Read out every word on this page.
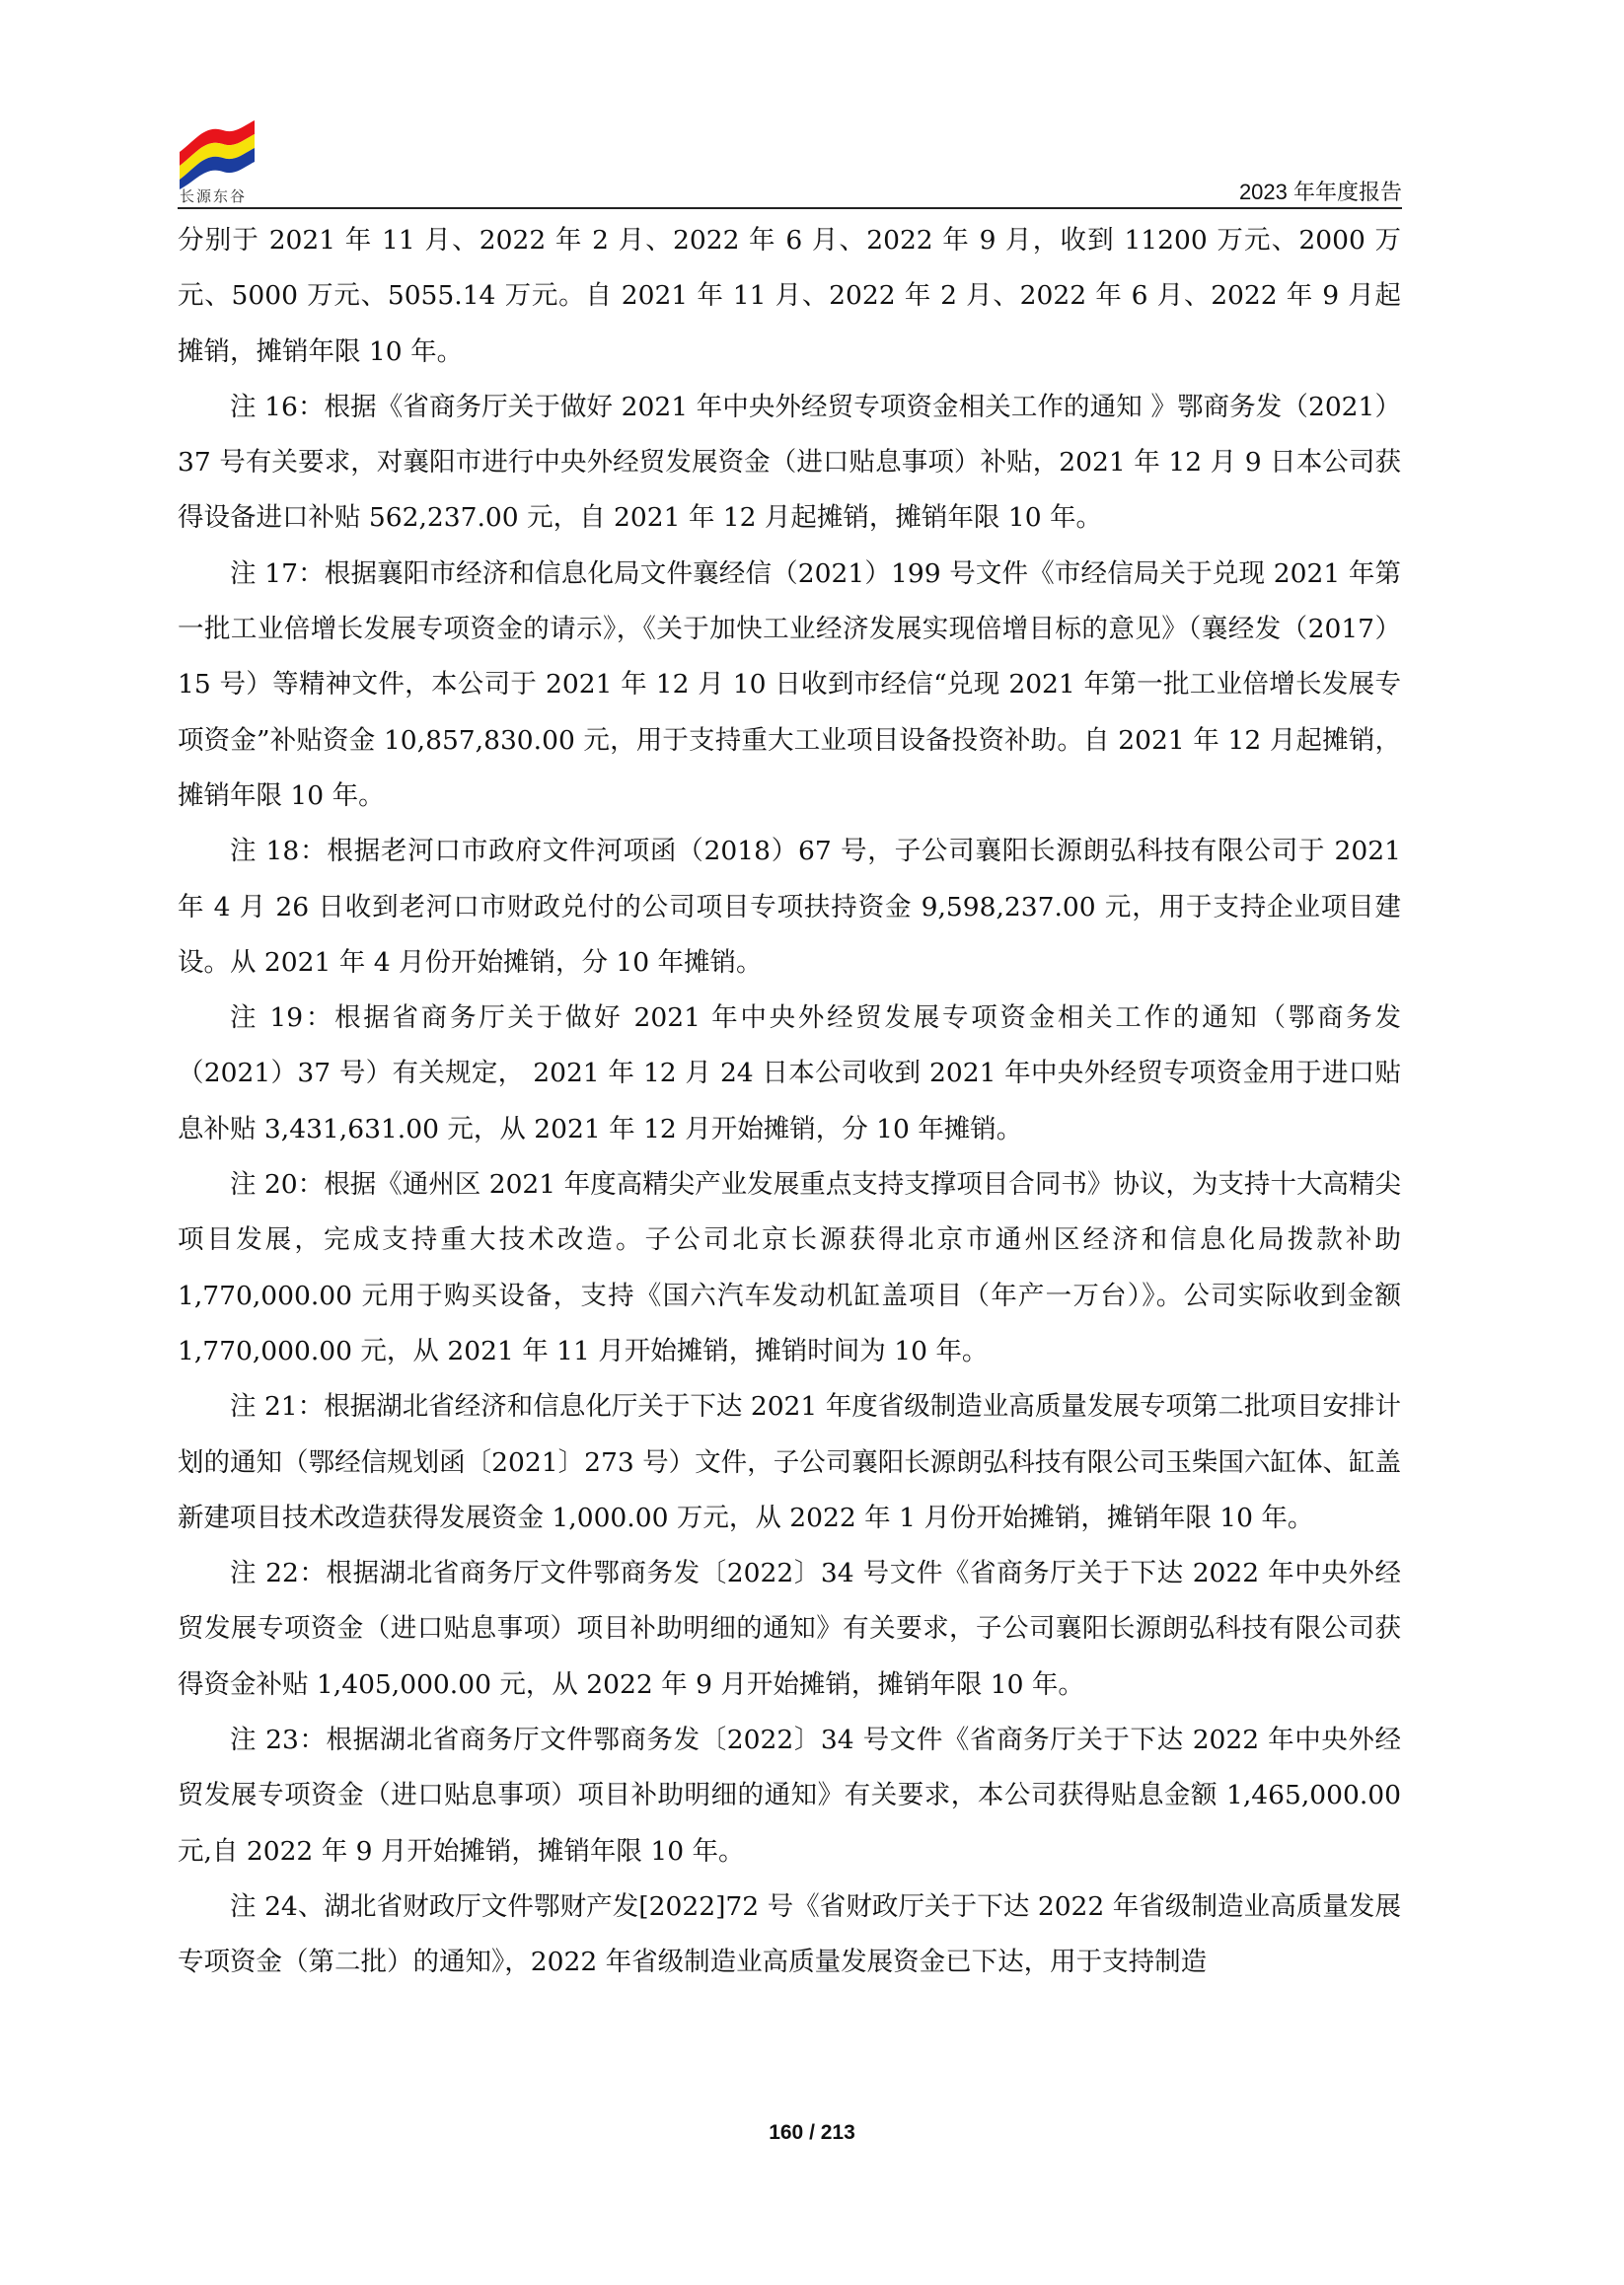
长源东谷	2023 年年度报告

分别于 2021 年 11 月、2022 年 2 月、2022 年 6 月、2022 年 9 月，收到 11200 万元、2000 万元、5000 万元、5055.14 万元。自 2021 年 11 月、2022 年 2 月、2022 年 6 月、2022 年 9 月起摊销，摊销年限 10 年。

注 16：根据《省商务厅关于做好 2021 年中央外经贸专项资金相关工作的通知 》鄂商务发（2021）37 号有关要求，对襄阳市进行中央外经贸发展资金（进口贴息事项）补贴，2021 年 12 月 9 日本公司获得设备进口补贴 562,237.00 元，自 2021 年 12 月起摊销，摊销年限 10 年。

注 17：根据襄阳市经济和信息化局文件襄经信（2021）199 号文件《市经信局关于兑现 2021 年第一批工业倍增长发展专项资金的请示》，《关于加快工业经济发展实现倍增目标的意见》（襄经发（2017）15 号）等精神文件，本公司于 2021 年 12 月 10 日收到市经信“兑现 2021 年第一批工业倍增长发展专项资金”补贴资金 10,857,830.00 元，用于支持重大工业项目设备投资补助。自 2021 年 12 月起摊销，摊销年限 10 年。

注 18：根据老河口市政府文件河项函（2018）67 号，子公司襄阳长源朗弘科技有限公司于 2021 年 4 月 26 日收到老河口市财政兑付的公司项目专项扶持资金 9,598,237.00 元，用于支持企业项目建设。从 2021 年 4 月份开始摊销，分 10 年摊销。

注 19：根据省商务厅关于做好 2021 年中央外经贸发展专项资金相关工作的通知（鄂商务发（2021）37 号）有关规定， 2021 年 12 月 24 日本公司收到 2021 年中央外经贸专项资金用于进口贴息补贴 3,431,631.00 元，从 2021 年 12 月开始摊销，分 10 年摊销。

注 20：根据《通州区 2021 年度高精尖产业发展重点支持支撑项目合同书》协议，为支持十大高精尖项目发展，完成支持重大技术改造。子公司北京长源获得北京市通州区经济和信息化局拨款补助 1,770,000.00 元用于购买设备，支持《国六汽车发动机缸盖项目（年产一万台）》。公司实际收到金额 1,770,000.00 元，从 2021 年 11 月开始摊销，摊销时间为 10 年。

注 21：根据湖北省经济和信息化厅关于下达 2021 年度省级制造业高质量发展专项第二批项目安排计划的通知（鄂经信规划函〔2021〕273 号）文件，子公司襄阳长源朗弘科技有限公司玉柴国六缸体、缸盖新建项目技术改造获得发展资金 1,000.00 万元，从 2022 年 1 月份开始摊销，摊销年限 10 年。

注 22：根据湖北省商务厅文件鄂商务发〔2022〕34 号文件《省商务厅关于下达 2022 年中央外经贸发展专项资金（进口贴息事项）项目补助明细的通知》有关要求，子公司襄阳长源朗弘科技有限公司获得资金补贴 1,405,000.00 元，从 2022 年 9 月开始摊销，摊销年限 10 年。

注 23：根据湖北省商务厅文件鄂商务发〔2022〕34 号文件《省商务厅关于下达 2022 年中央外经贸发展专项资金（进口贴息事项）项目补助明细的通知》有关要求，本公司获得贴息金额 1,465,000.00 元,自 2022 年 9 月开始摊销，摊销年限 10 年。

注 24、湖北省财政厅文件鄂财产发[2022]72 号《省财政厅关于下达 2022 年省级制造业高质量发展专项资金（第二批）的通知》，2022 年省级制造业高质量发展资金已下达，用于支持制造

160 / 213
